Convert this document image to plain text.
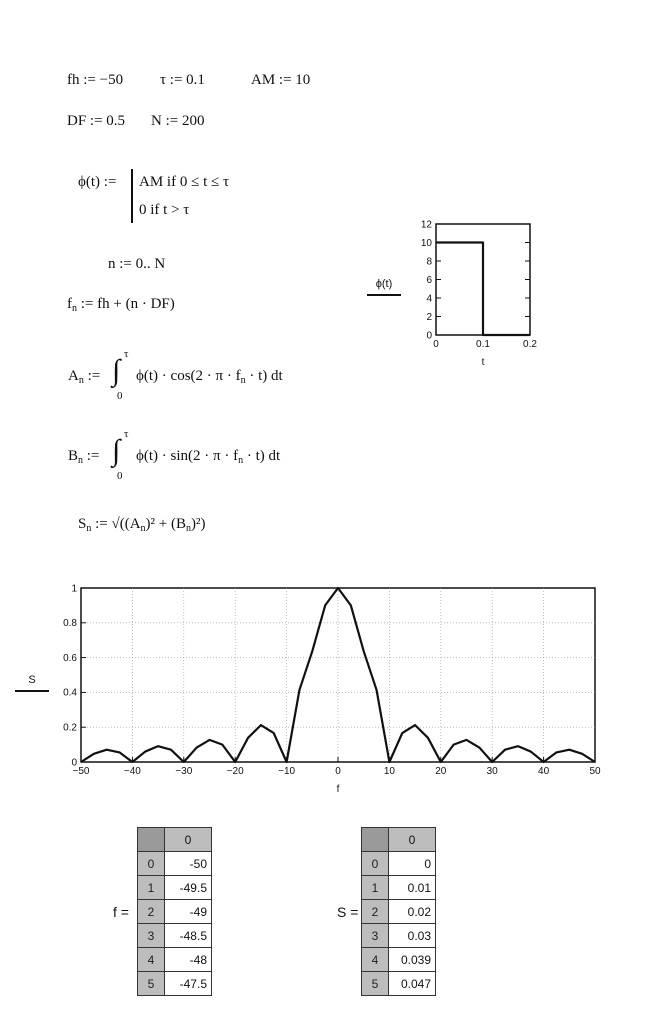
fh := −50 τ := 0.1	AM := 10
DF := 0.5 N := 200
ϕ(t) := AM if 0 ≤ t ≤ τ
0 if t > τ
n := 0.. N
$f_n$ := fh + (n · DF)
$A_n$ := ∫ τ
0
$\phi(t) \cdot \cos(2 \cdot \pi \cdot f_n \cdot t)$ dt
$B_n$ := ∫ τ
0
$\phi(t) \cdot \sin(2 \cdot \pi \cdot f_n \cdot t)$ dt
$S_n$ := $√((A_n)^2 + (B_n)^2)$
0	0.1	0.2
0
2
4
6
8
10
12
t
ϕ(t)
−50	−40	−30	−20	−10	0	10	20	30	40	50
0
0.2
0.4
0.6
0.8
1
f
S
f =
	0
0	-50
1	-49.5
2	-49
3	-48.5
4	-48
5	-47.5
S =
	0
0	0
1	0.01
2	0.02
3	0.03
4	0.039
5	0.047
